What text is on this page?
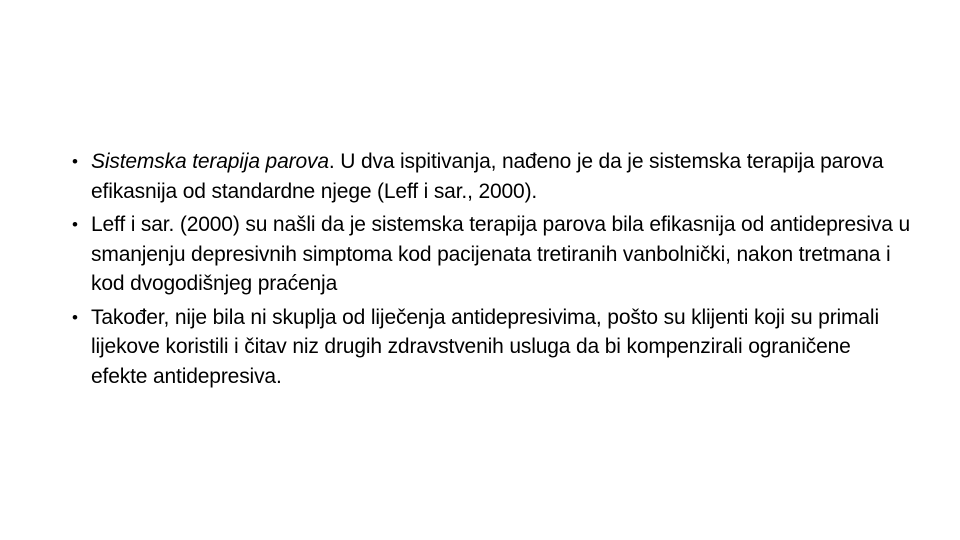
• Sistemska terapija parova. U dva ispitivanja, nađeno je da je sistemska terapija parova efikasnija od standardne njege (Leff i sar., 2000).
• Leff i sar. (2000) su našli da je sistemska terapija parova bila efikasnija od antidepresiva u smanjenju depresivnih simptoma kod pacijenata tretiranih vanbolnički, nakon tretmana i kod dvogodišnjeg praćenja
• Također, nije bila ni skuplja od liječenja antidepresivima, pošto su klijenti koji su primali lijekove koristili i čitav niz drugih zdravstvenih usluga da bi kompenzirali ograničene efekte antidepresiva.
